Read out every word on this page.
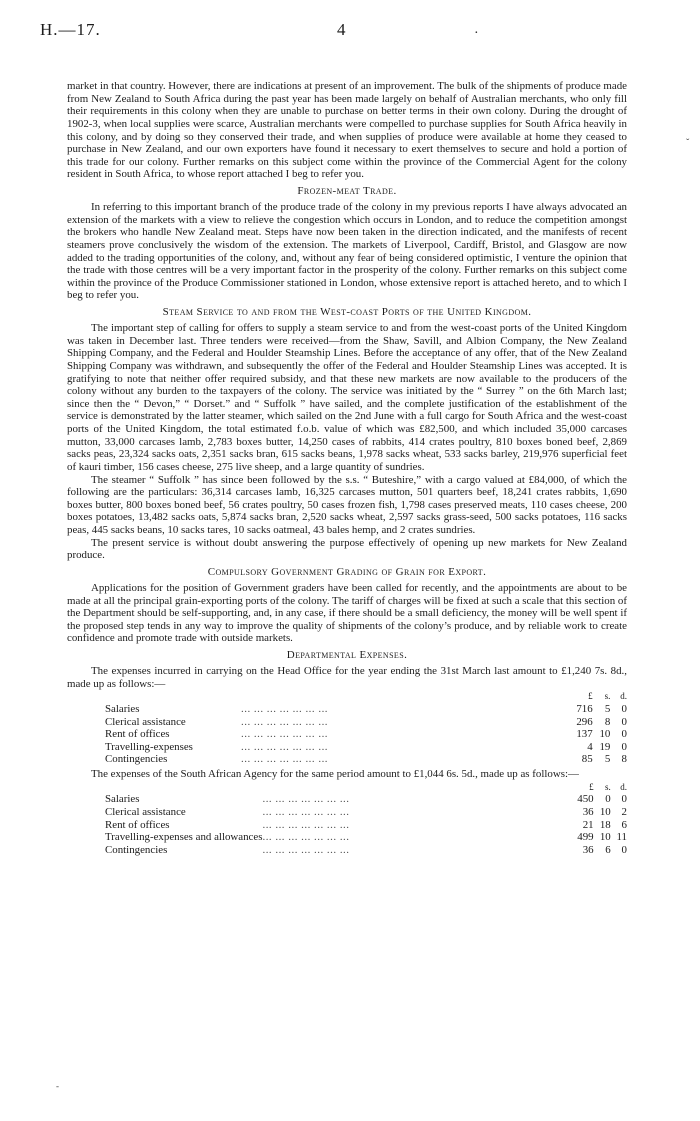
H.—17.	4	·
ˇ
-

market in that country. However, there are indications at present of an improvement. The bulk of the shipments of produce made from New Zealand to South Africa during the past year has been made largely on behalf of Australian merchants, who only fill their requirements in this colony when they are unable to purchase on better terms in their own colony. During the drought of 1902-3, when local supplies were scarce, Australian merchants were compelled to purchase supplies for South Africa heavily in this colony, and by doing so they conserved their trade, and when supplies of produce were available at home they ceased to purchase in New Zealand, and our own exporters have found it necessary to exert themselves to secure and hold a portion of this trade for our colony. Further remarks on this subject come within the province of the Commercial Agent for the colony resident in South Africa, to whose report attached I beg to refer you.

Frozen-meat Trade.

In referring to this important branch of the produce trade of the colony in my previous reports I have always advocated an extension of the markets with a view to relieve the congestion which occurs in London, and to reduce the competition amongst the brokers who handle New Zealand meat. Steps have now been taken in the direction indicated, and the manifests of recent steamers prove conclusively the wisdom of the extension. The markets of Liverpool, Cardiff, Bristol, and Glasgow are now added to the trading opportunities of the colony, and, without any fear of being considered optimistic, I venture the opinion that the trade with those centres will be a very important factor in the prosperity of the colony. Further remarks on this subject come within the province of the Produce Commissioner stationed in London, whose extensive report is attached hereto, and to which I beg to refer you.

Steam Service to and from the West-coast Ports of the United Kingdom.

The important step of calling for offers to supply a steam service to and from the west-coast ports of the United Kingdom was taken in December last. Three tenders were received—from the Shaw, Savill, and Albion Company, the New Zealand Shipping Company, and the Federal and Houlder Steamship Lines. Before the acceptance of any offer, that of the New Zealand Shipping Company was withdrawn, and subsequently the offer of the Federal and Houlder Steamship Lines was accepted. It is gratifying to note that neither offer required subsidy, and that these new markets are now available to the producers of the colony without any burden to the taxpayers of the colony. The service was initiated by the “ Surrey ” on the 6th March last; since then the “ Devon,” “ Dorset.” and “ Suffolk ” have sailed, and the complete justification of the establishment of the service is demonstrated by the latter steamer, which sailed on the 2nd June with a full cargo for South Africa and the west-coast ports of the United Kingdom, the total estimated f.o.b. value of which was £82,500, and which included 35,000 carcases mutton, 33,000 carcases lamb, 2,783 boxes butter, 14,250 cases of rabbits, 414 crates poultry, 810 boxes boned beef, 2,869 sacks peas, 23,324 sacks oats, 2,351 sacks bran, 615 sacks beans, 1,978 sacks wheat, 533 sacks barley, 219,976 superficial feet of kauri timber, 156 cases cheese, 275 live sheep, and a large quantity of sundries.

The steamer “ Suffolk ” has since been followed by the s.s. “ Buteshire,” with a cargo valued at £84,000, of which the following are the particulars: 36,314 carcases lamb, 16,325 carcases mutton, 501 quarters beef, 18,241 crates rabbits, 1,690 boxes butter, 800 boxes boned beef, 56 crates poultry, 50 cases frozen fish, 1,798 cases preserved meats, 110 cases cheese, 200 boxes potatoes, 13,482 sacks oats, 5,874 sacks bran, 2,520 sacks wheat, 2,597 sacks grass-seed, 500 sacks potatoes, 116 sacks peas, 445 sacks beans, 10 sacks tares, 10 sacks oatmeal, 43 bales hemp, and 2 crates sundries.

The present service is without doubt answering the purpose effectively of opening up new markets for New Zealand produce.

Compulsory Government Grading of Grain for Export.

Applications for the position of Government graders have been called for recently, and the appointments are about to be made at all the principal grain-exporting ports of the colony. The tariff of charges will be fixed at such a scale that this section of the Department should be self-supporting, and, in any case, if there should be a small deficiency, the money will be well spent if the proposed step tends in any way to improve the quality of shipments of the colony’s produce, and by reliable work to create confidence and promote trade with outside markets.

Departmental Expenses.

The expenses incurred in carrying on the Head Office for the year ending the 31st March last amount to £1,240 7s. 8d., made up as follows:—

		£	s.	d.
Salaries	... ... ... ... ... ... ...	716	5	0
Clerical assistance	... ... ... ... ... ... ...	296	8	0
Rent of offices	... ... ... ... ... ... ...	137	10	0
Travelling-expenses	... ... ... ... ... ... ...	4	19	0
Contingencies	... ... ... ... ... ... ...	85	5	8

The expenses of the South African Agency for the same period amount to £1,044 6s. 5d., made up as follows:—

		£	s.	d.
Salaries	... ... ... ... ... ... ...	450	0	0
Clerical assistance	... ... ... ... ... ... ...	36	10	2
Rent of offices	... ... ... ... ... ... ...	21	18	6
Travelling-expenses and allowances	... ... ... ... ... ... ...	499	10	11
Contingencies	... ... ... ... ... ... ...	36	6	0
